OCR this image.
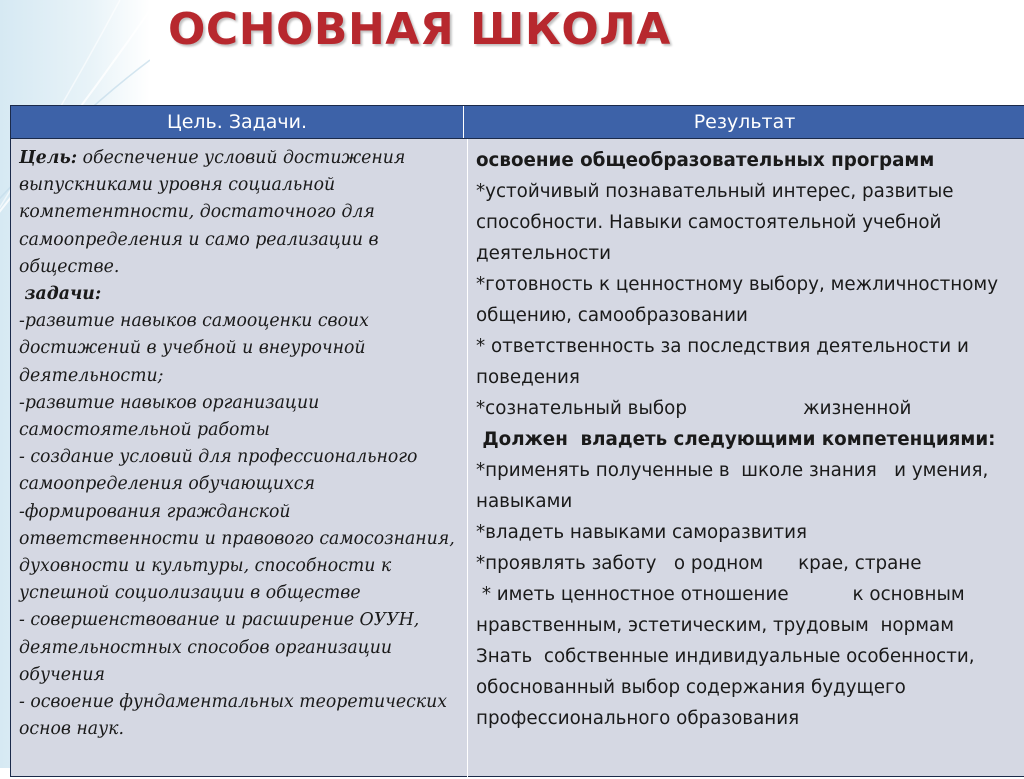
ОСНОВНАЯ ШКОЛА
Цель. Задачи.	Результат

Цель: обеспечение условий достижения выпускниками уровня социальной компетентности, достаточного для самоопределения и само реализации в обществе.

задачи:

-развитие навыков самооценки своих достижений в учебной и внеурочной деятельности;

-развитие навыков организации самостоятельной работы

- создание условий для профессионального самоопределения обучающихся

-формирования гражданской ответственности и правового самосознания, духовности и культуры, способности к успешной социолизации в обществе

- совершенствование и расширение ОУУН, деятельностных способов организации обучения

- освоение фундаментальных теоретических основ наук.

освоение общеобразовательных программ

*устойчивый познавательный интерес, развитые способности. Навыки самостоятельной учебной деятельности

*готовность к ценностному выбору, межличностному общению, самообразовании

* ответственность за последствия деятельности и поведения

*сознательный выбор                    жизненной

Должен  владеть следующими компетенциями:

*применять полученные в  школе знания   и умения, навыками

*владеть навыками саморазвития

*проявлять заботу   о родном      крае, стране

* иметь ценностное отношение           к основным  нравственным, эстетическим, трудовым  нормам

Знать  собственные индивидуальные особенности, обоснованный выбор содержания будущего профессионального образования
